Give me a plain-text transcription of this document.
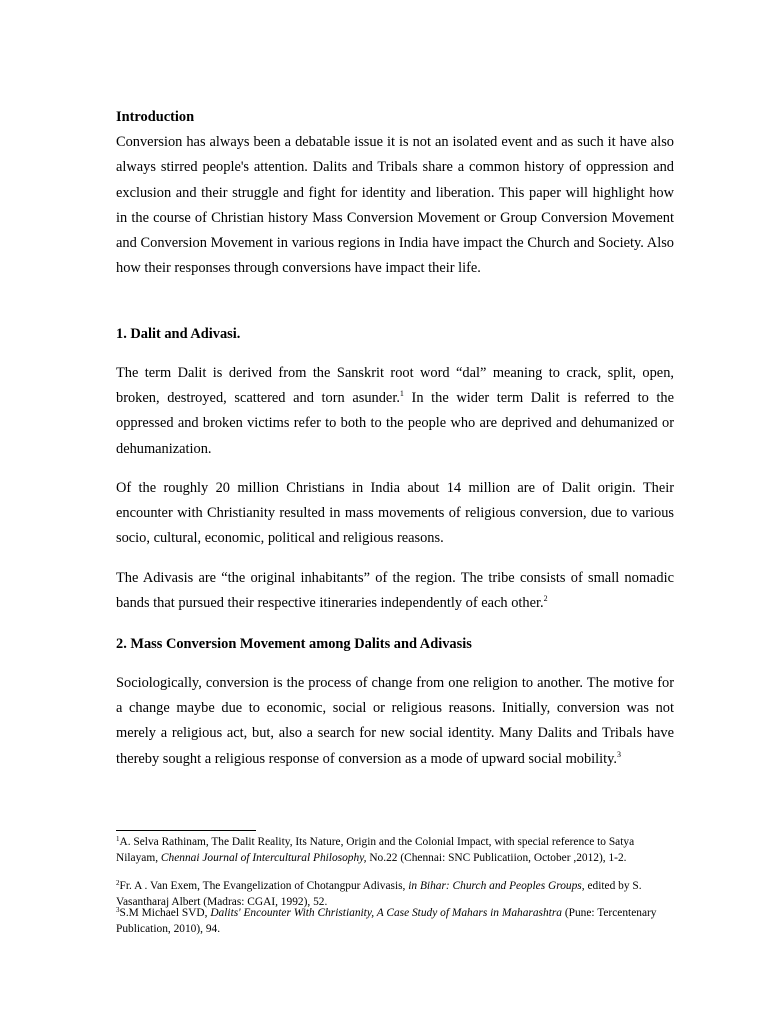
Introduction

Conversion has always been a debatable issue it is not an isolated event and as such it have also always stirred people's attention. Dalits and Tribals share a common history of oppression and exclusion and their struggle and fight for identity and liberation. This paper will highlight how in the course of Christian history Mass Conversion Movement or Group Conversion Movement and Conversion Movement in various regions in India have impact the Church and Society. Also how their responses through conversions have impact their life.

1. Dalit and Adivasi.

The term Dalit is derived from the Sanskrit root word “dal” meaning to crack, split, open, broken, destroyed, scattered and torn asunder.$^1$ In the wider term Dalit is referred to the oppressed and broken victims refer to both to the people who are deprived and dehumanized or dehumanization.

Of the roughly 20 million Christians in India about 14 million are of Dalit origin. Their encounter with Christianity resulted in mass movements of religious conversion, due to various socio, cultural, economic, political and religious reasons.

The Adivasis are “the original inhabitants” of the region. The tribe consists of small nomadic bands that pursued their respective itineraries independently of each other.$^2$

2. Mass Conversion Movement among Dalits and Adivasis

Sociologically, conversion is the process of change from one religion to another. The motive for a change maybe due to economic, social or religious reasons. Initially, conversion was not merely a religious act, but, also a search for new social identity. Many Dalits and Tribals have thereby sought a religious response of conversion as a mode of upward social mobility.$^3$

$^1$A. Selva Rathinam, The Dalit Reality, Its Nature, Origin and the Colonial Impact, with special reference to Satya Nilayam, Chennai Journal of Intercultural Philosophy, No.22 (Chennai: SNC Publicatiion, October ,2012), 1-2.

$^2$Fr. A . Van Exem, The Evangelization of Chotangpur Adivasis, in Bihar: Church and Peoples Groups, edited by S. Vasantharaj Albert (Madras: CGAI, 1992), 52.

$^3$S.M Michael SVD, Dalits' Encounter With Christianity, A Case Study of Mahars in Maharashtra (Pune: Tercentenary Publication, 2010), 94.
